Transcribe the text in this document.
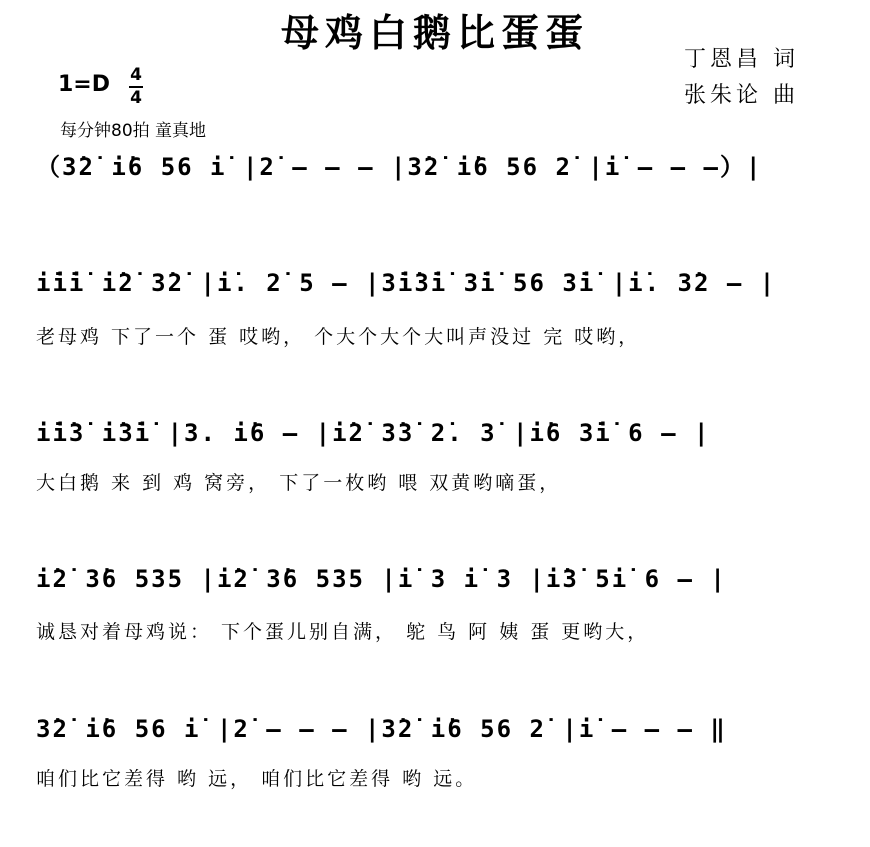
母鸡白鹅比蛋蛋
丁恩昌 词
张朱论 曲
1=D 4
4
每分钟80拍 童真地
（3̇2̇ i̇6 56 i̇ |2̇ – – – |3̇2̇ i̇6 56 2̇ |i̇ – – –）|
i̇i̇i̇ i̇2̇ 3̇2̇ |i̇. 2̇ 5 – |3̇i̇3̇i̇ 3̇i̇ 56 3̇i̇ |i̇. 3̇2 – |
老母鸡 下了一个 蛋 哎哟， 个大个大个大叫声没过 完 哎哟，
i̇i̇3̇ i̇3̇i̇ |3. i̇6 – |i̇2̇ 3̇3̇ 2̇. 3̇ |i̇6 3̇i̇ 6 – |
大白鹅 来 到 鸡 窝旁， 下了一枚哟 喂 双黄哟嘀蛋，
i̇2̇ 3̇6 535 |i̇2̇ 3̇6 535 |i̇ 3 i̇ 3 |i̇3̇ 5i̇ 6 – |
诚恳对着母鸡说： 下个蛋儿别自满， 鸵 鸟 阿 姨 蛋 更哟大，
3̇2̇ i̇6 56 i̇ |2̇ – – – |3̇2̇ i̇6 56 2̇ |i̇ – – – ‖
咱们比它差得 哟 远， 咱们比它差得 哟 远。
